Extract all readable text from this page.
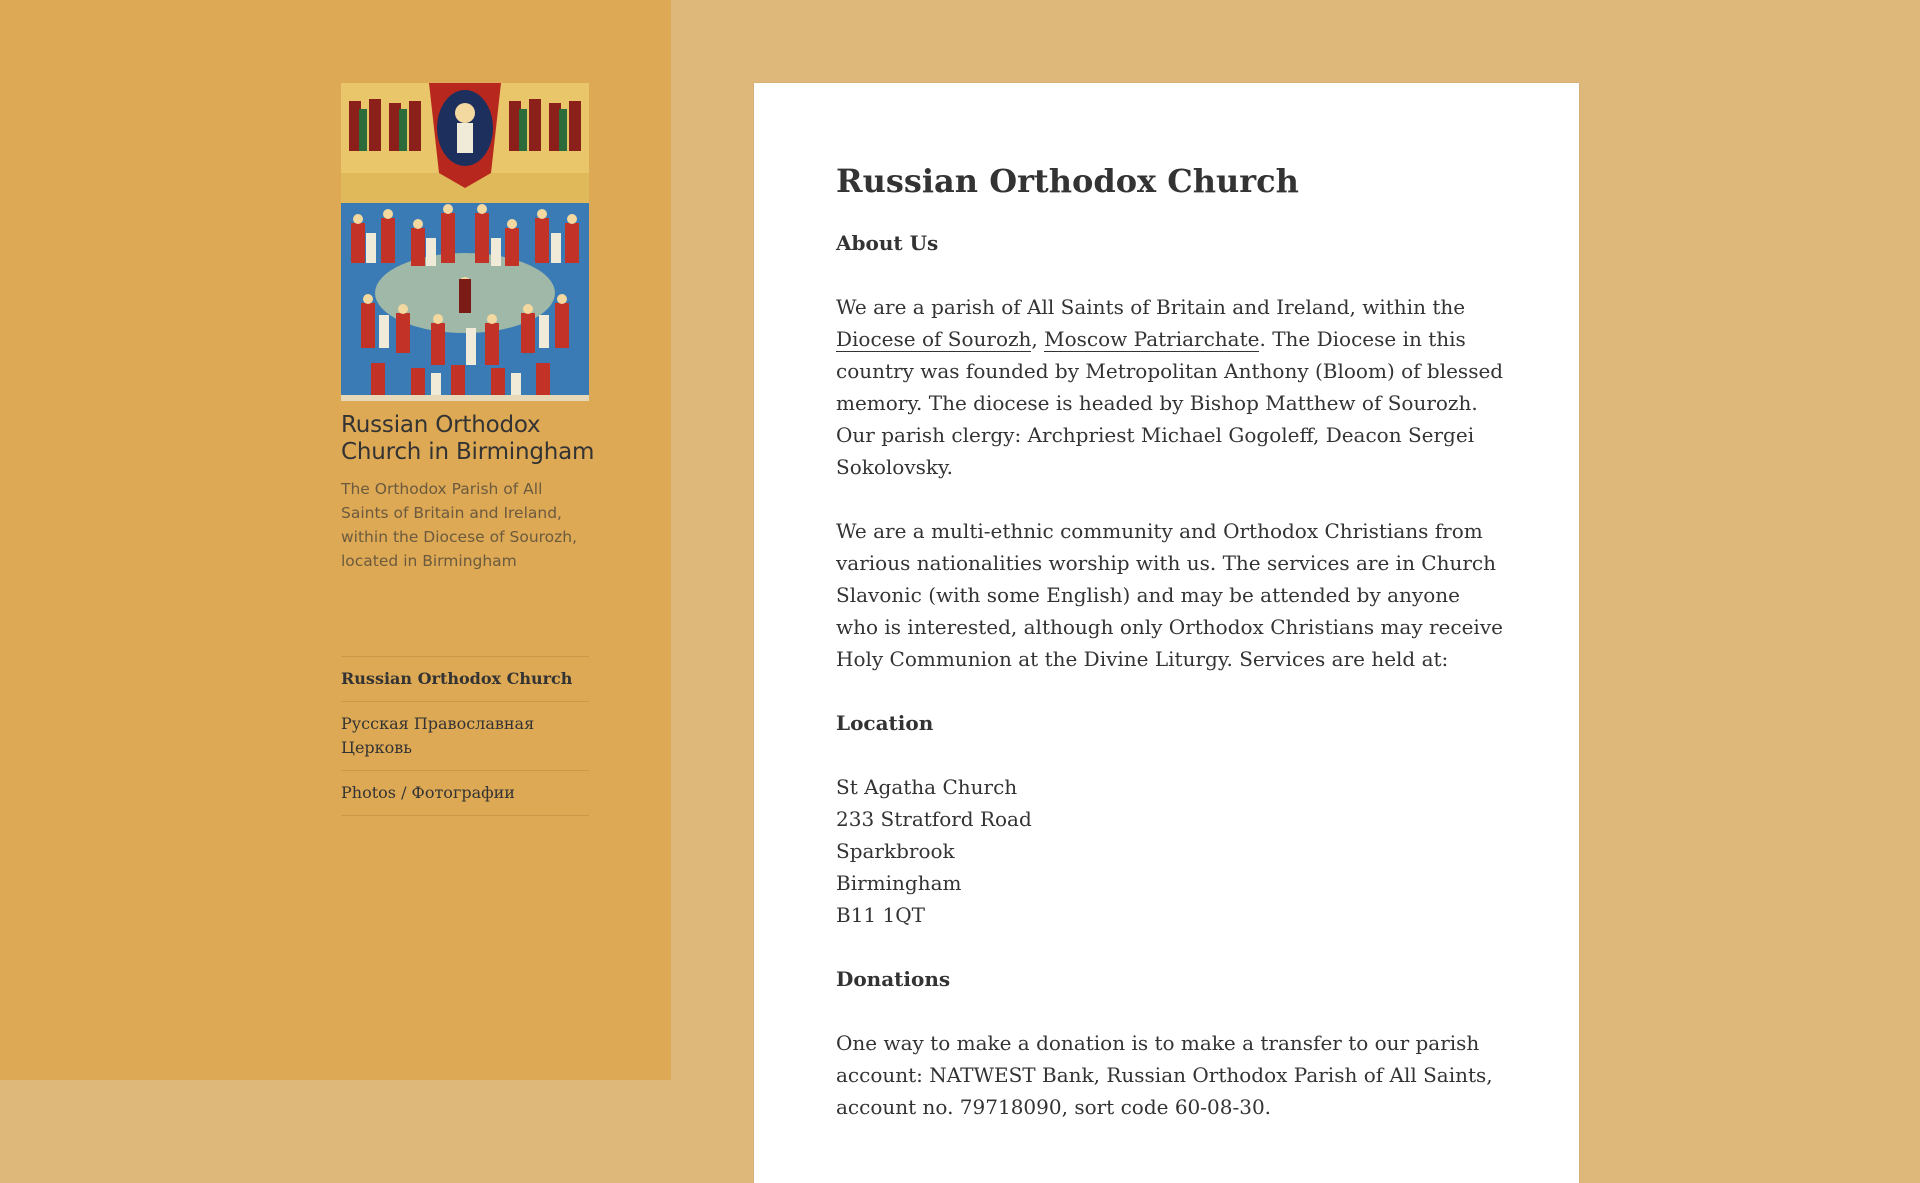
Russian Orthodox Church in Birmingham
The Orthodox Parish of All Saints of Britain and Ireland, within the Diocese of Sourozh, located in Birmingham
Russian Orthodox Church
Русская Православная Церковь
Photos / Фотографии
Russian Orthodox Church

About Us

We are a parish of All Saints of Britain and Ireland, within the Diocese of Sourozh, Moscow Patriarchate. The Diocese in this country was founded by Metropolitan Anthony (Bloom) of blessed memory. The diocese is headed by Bishop Matthew of Sourozh. Our parish clergy: Archpriest Michael Gogoleff, Deacon Sergei Sokolovsky.

We are a multi-ethnic community and Orthodox Christians from various nationalities worship with us. The services are in Church Slavonic (with some English) and may be attended by anyone who is interested, although only Orthodox Christians may receive Holy Communion at the Divine Liturgy. Services are held at:

Location

St Agatha Church
233 Stratford Road
Sparkbrook
Birmingham
B11 1QT

Donations

One way to make a donation is to make a transfer to our parish account: NATWEST Bank, Russian Orthodox Parish of All Saints, account no. 79718090, sort code 60-08-30.
